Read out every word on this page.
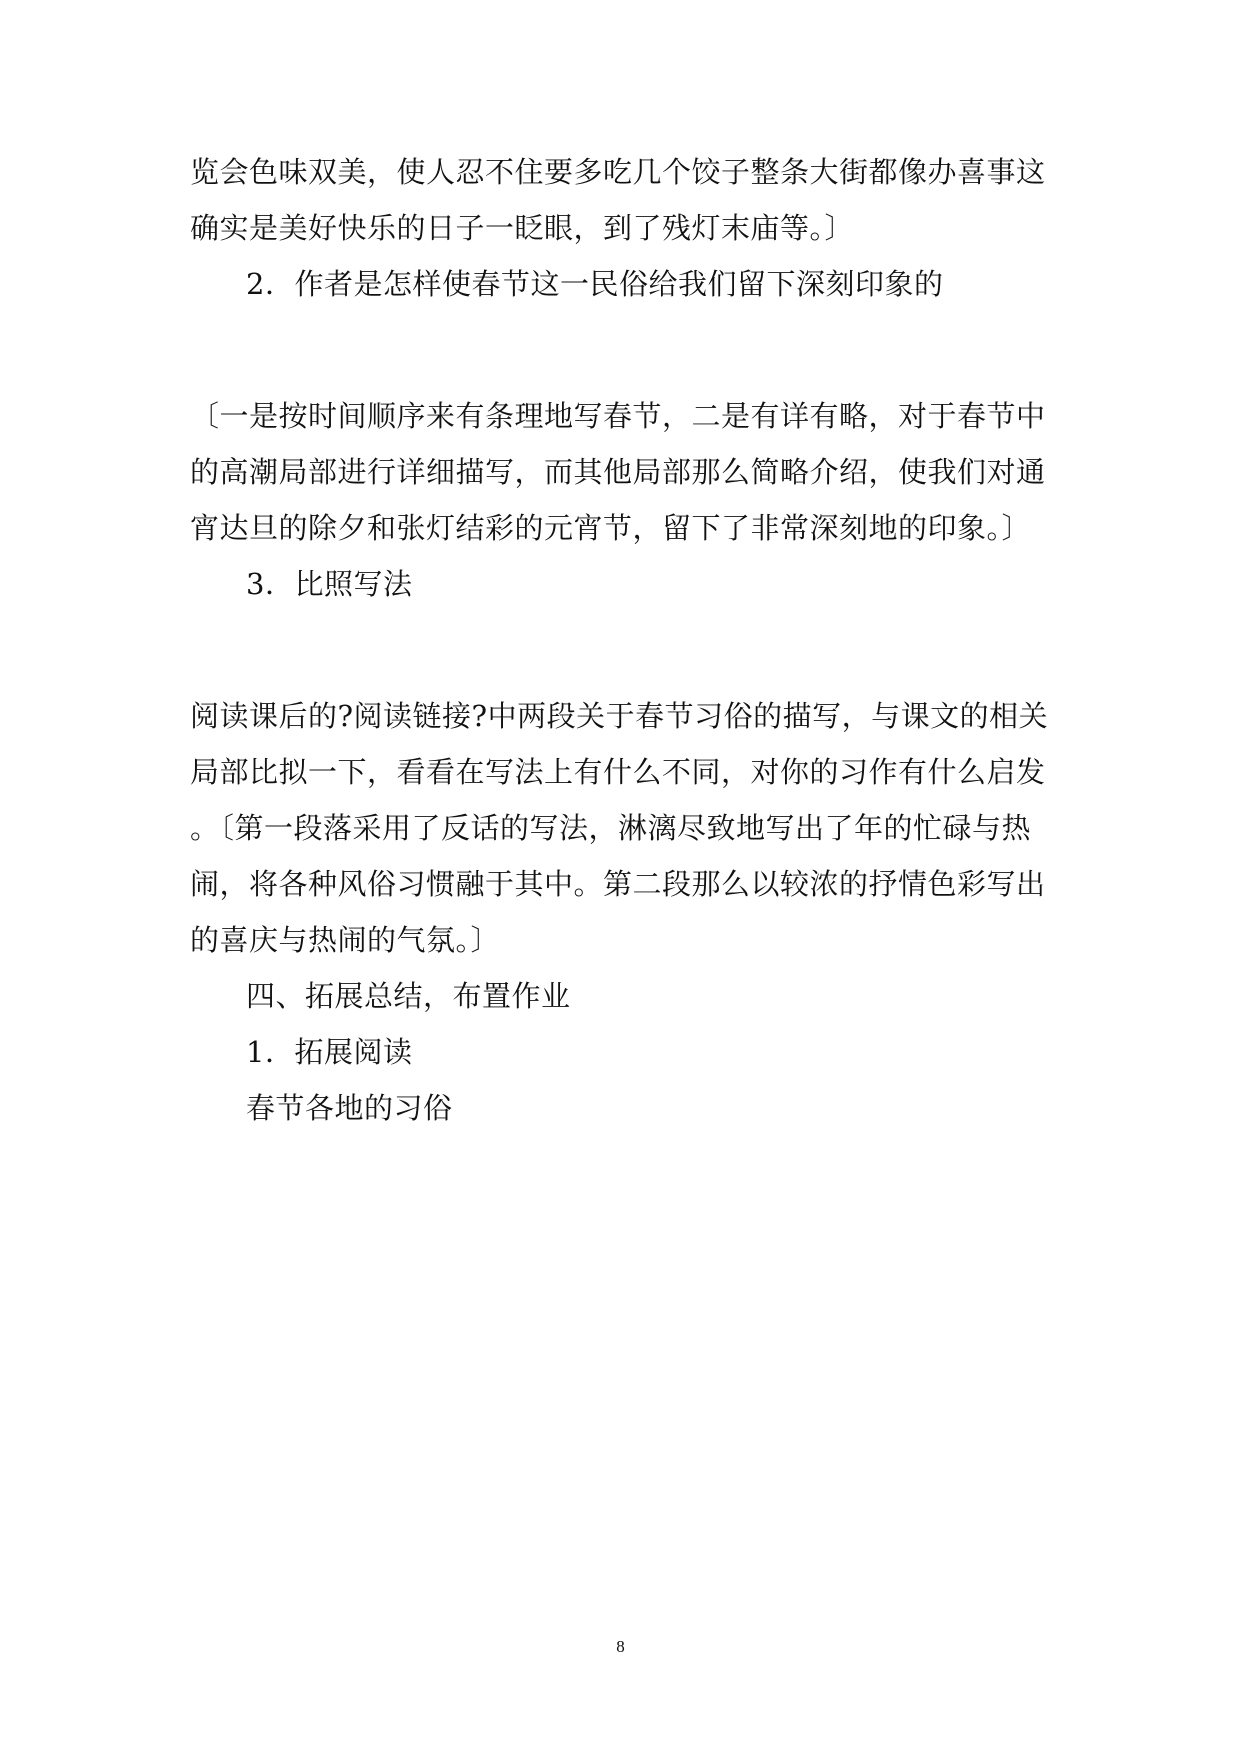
览会色味双美，使人忍不住要多吃几个饺子整条大街都像办喜事这
确实是美好快乐的日子一眨眼，到了残灯末庙等。〕
2．作者是怎样使春节这一民俗给我们留下深刻印象的
〔一是按时间顺序来有条理地写春节，二是有详有略，对于春节中
的高潮局部进行详细描写，而其他局部那么简略介绍，使我们对通
宵达旦的除夕和张灯结彩的元宵节，留下了非常深刻地的印象。〕
3．比照写法
阅读课后的?阅读链接?中两段关于春节习俗的描写，与课文的相关
局部比拟一下，看看在写法上有什么不同，对你的习作有什么启发
。〔第一段落采用了反话的写法，淋漓尽致地写出了年的忙碌与热
闹，将各种风俗习惯融于其中。第二段那么以较浓的抒情色彩写出
的喜庆与热闹的气氛。〕
四、拓展总结，布置作业
1．拓展阅读
春节各地的习俗
8
